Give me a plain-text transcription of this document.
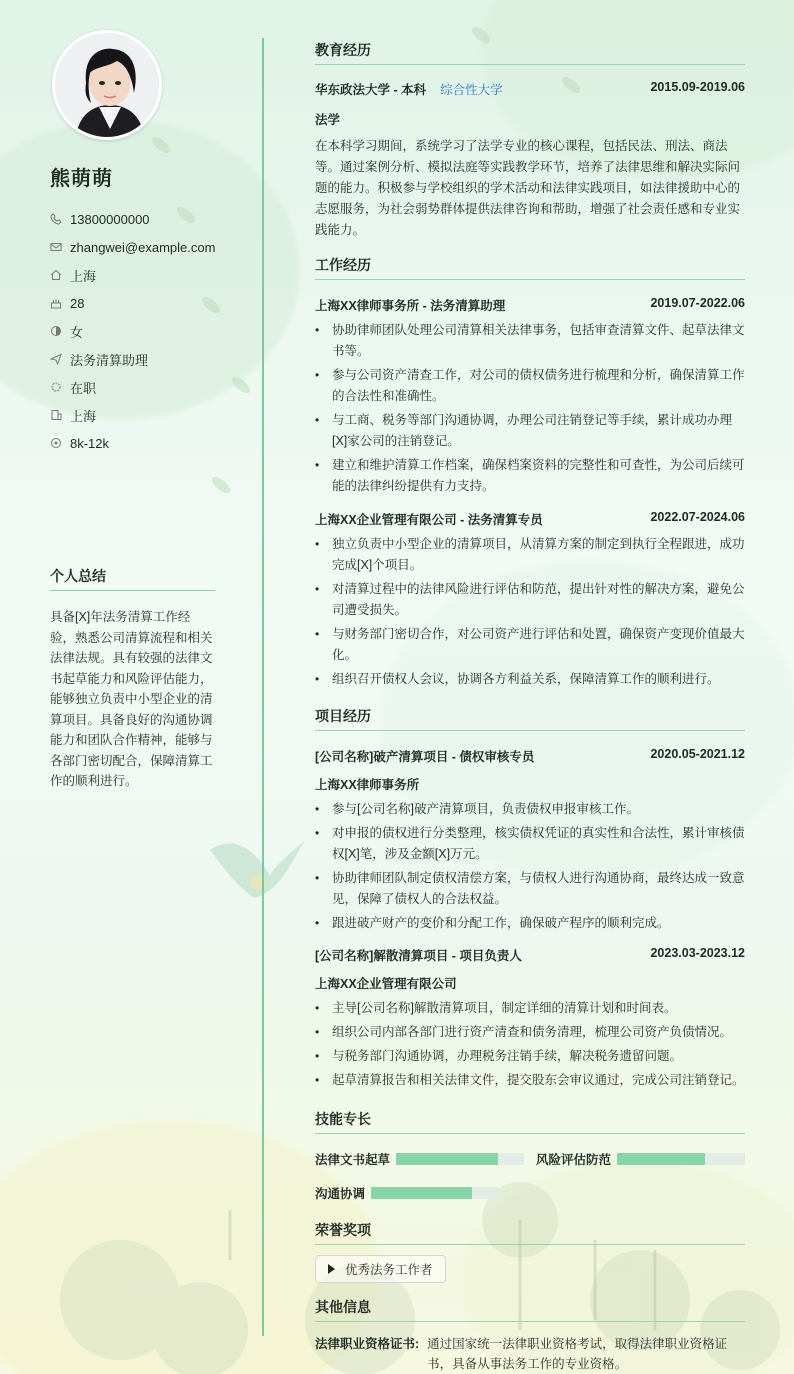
熊萌萌
13800000000
zhangwei@example.com
上海
28
女
法务清算助理
在职
上海
8k-12k
个人总结
具备[X]年法务清算工作经验，熟悉公司清算流程和相关法律法规。具有较强的法律文书起草能力和风险评估能力，能够独立负责中小型企业的清算项目。具备良好的沟通协调能力和团队合作精神，能够与各部门密切配合，保障清算工作的顺利进行。
教育经历
华东政法大学 - 本科 综合性大学	2015.09-2019.06
法学
在本科学习期间，系统学习了法学专业的核心课程，包括民法、刑法、商法等。通过案例分析、模拟法庭等实践教学环节，培养了法律思维和解决实际问题的能力。积极参与学校组织的学术活动和法律实践项目，如法律援助中心的志愿服务，为社会弱势群体提供法律咨询和帮助，增强了社会责任感和专业实践能力。
工作经历
上海XX律师事务所 - 法务清算助理	2019.07-2022.06
• 协助律师团队处理公司清算相关法律事务，包括审查清算文件、起草法律文书等。
• 参与公司资产清查工作，对公司的债权债务进行梳理和分析，确保清算工作的合法性和准确性。
• 与工商、税务等部门沟通协调，办理公司注销登记等手续，累计成功办理[X]家公司的注销登记。
• 建立和维护清算工作档案，确保档案资料的完整性和可查性，为公司后续可能的法律纠纷提供有力支持。
上海XX企业管理有限公司 - 法务清算专员	2022.07-2024.06
• 独立负责中小型企业的清算项目，从清算方案的制定到执行全程跟进，成功完成[X]个项目。
• 对清算过程中的法律风险进行评估和防范，提出针对性的解决方案，避免公司遭受损失。
• 与财务部门密切合作，对公司资产进行评估和处置，确保资产变现价值最大化。
• 组织召开债权人会议，协调各方利益关系，保障清算工作的顺利进行。
项目经历
[公司名称]破产清算项目 - 债权审核专员	2020.05-2021.12
上海XX律师事务所
• 参与[公司名称]破产清算项目，负责债权申报审核工作。
• 对申报的债权进行分类整理，核实债权凭证的真实性和合法性，累计审核债权[X]笔，涉及金额[X]万元。
• 协助律师团队制定债权清偿方案，与债权人进行沟通协商，最终达成一致意见，保障了债权人的合法权益。
• 跟进破产财产的变价和分配工作，确保破产程序的顺利完成。
[公司名称]解散清算项目 - 项目负责人	2023.03-2023.12
上海XX企业管理有限公司
• 主导[公司名称]解散清算项目，制定详细的清算计划和时间表。
• 组织公司内部各部门进行资产清查和债务清理，梳理公司资产负债情况。
• 与税务部门沟通协调，办理税务注销手续，解决税务遗留问题。
• 起草清算报告和相关法律文件，提交股东会审议通过，完成公司注销登记。
技能专长
法律文书起草	风险评估防范
沟通协调
荣誉奖项
优秀法务工作者
其他信息
法律职业资格证书: 通过国家统一法律职业资格考试，取得法律职业资格证书，具备从事法务工作的专业资格。
